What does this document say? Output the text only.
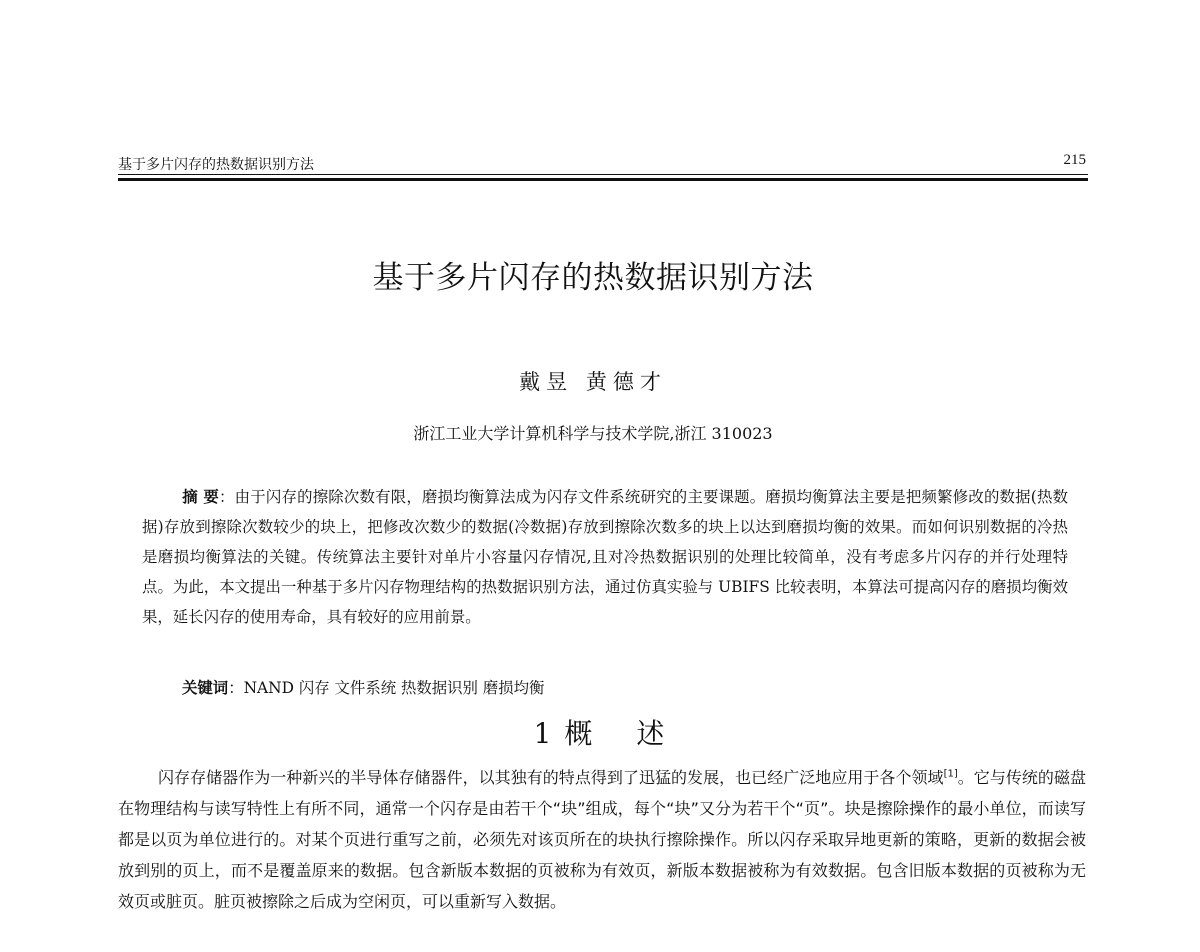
基于多片闪存的热数据识别方法	215
基于多片闪存的热数据识别方法
戴昱 黄德才
浙江工业大学计算机科学与技术学院,浙江 310023
摘 要：由于闪存的擦除次数有限，磨损均衡算法成为闪存文件系统研究的主要课题。磨损均衡算法主要是把频繁修改的数据(热数据)存放到擦除次数较少的块上，把修改次数少的数据(冷数据)存放到擦除次数多的块上以达到磨损均衡的效果。而如何识别数据的冷热是磨损均衡算法的关键。传统算法主要针对单片小容量闪存情况,且对冷热数据识别的处理比较简单，没有考虑多片闪存的并行处理特点。为此，本文提出一种基于多片闪存物理结构的热数据识别方法，通过仿真实验与 UBIFS 比较表明，本算法可提高闪存的磨损均衡效果，延长闪存的使用寿命，具有较好的应用前景。
关键词：NAND 闪存 文件系统 热数据识别 磨损均衡
1 概 述
闪存存储器作为一种新兴的半导体存储器件，以其独有的特点得到了迅猛的发展，也已经广泛地应用于各个领域[1]。它与传统的磁盘在物理结构与读写特性上有所不同，通常一个闪存是由若干个“块”组成，每个“块”又分为若干个“页”。块是擦除操作的最小单位，而读写都是以页为单位进行的。对某个页进行重写之前，必须先对该页所在的块执行擦除操作。所以闪存采取异地更新的策略，更新的数据会被放到别的页上，而不是覆盖原来的数据。包含新版本数据的页被称为有效页，新版本数据被称为有效数据。包含旧版本数据的页被称为无效页或脏页。脏页被擦除之后成为空闲页，可以重新写入数据。
